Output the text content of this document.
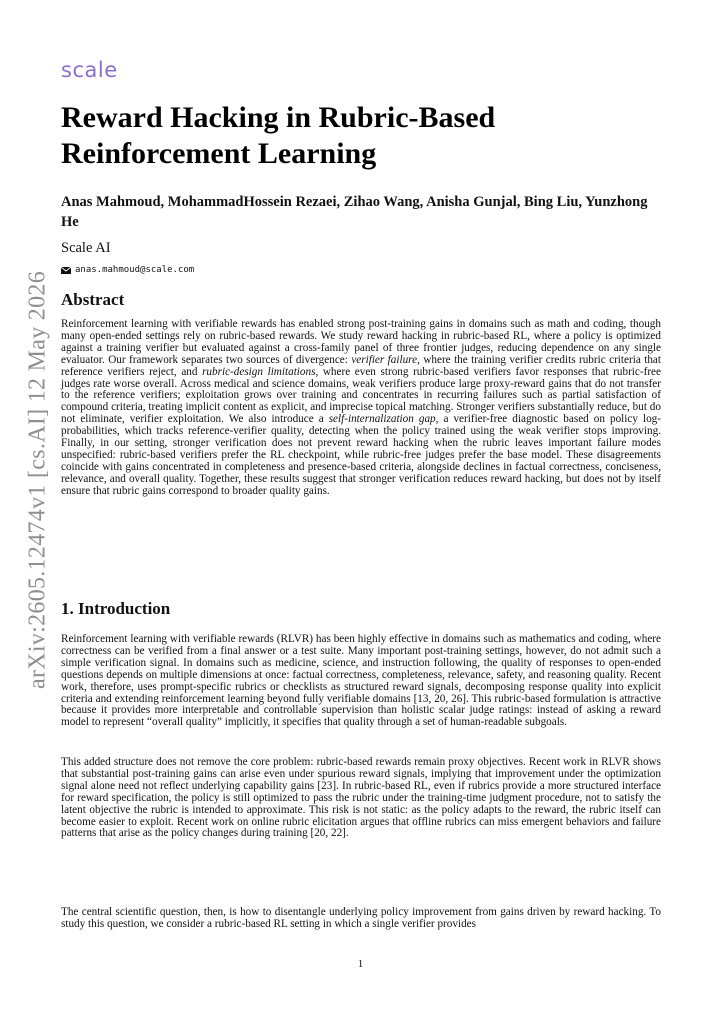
scale
arXiv:2605.12474v1 [cs.AI] 12 May 2026
Reward Hacking in Rubric-Based Reinforcement Learning
Anas Mahmoud, MohammadHossein Rezaei, Zihao Wang, Anisha Gunjal, Bing Liu, Yunzhong He
Scale AI
anas.mahmoud@scale.com
Abstract

Reinforcement learning with verifiable rewards has enabled strong post-training gains in domains such as math and coding, though many open-ended settings rely on rubric-based rewards. We study reward hacking in rubric-based RL, where a policy is optimized against a training verifier but evaluated against a cross-family panel of three frontier judges, reducing dependence on any single evaluator. Our framework separates two sources of divergence: verifier failure, where the training verifier credits rubric criteria that reference verifiers reject, and rubric-design limitations, where even strong rubric-based verifiers favor responses that rubric-free judges rate worse overall. Across medical and science domains, weak verifiers produce large proxy-reward gains that do not transfer to the reference verifiers; exploitation grows over training and concentrates in recurring failures such as partial satisfaction of compound criteria, treating implicit content as explicit, and imprecise topical matching. Stronger verifiers substantially reduce, but do not eliminate, verifier exploitation. We also introduce a self-internalization gap, a verifier-free diagnostic based on policy log-probabilities, which tracks reference-verifier quality, detecting when the policy trained using the weak verifier stops improving. Finally, in our setting, stronger verification does not prevent reward hacking when the rubric leaves important failure modes unspecified: rubric-based verifiers prefer the RL checkpoint, while rubric-free judges prefer the base model. These disagreements coincide with gains concentrated in completeness and presence-based criteria, alongside declines in factual correctness, conciseness, relevance, and overall quality. Together, these results suggest that stronger verification reduces reward hacking, but does not by itself ensure that rubric gains correspond to broader quality gains.

1. Introduction

Reinforcement learning with verifiable rewards (RLVR) has been highly effective in domains such as mathematics and coding, where correctness can be verified from a final answer or a test suite. Many important post-training settings, however, do not admit such a simple verification signal. In domains such as medicine, science, and instruction following, the quality of responses to open-ended questions depends on multiple dimensions at once: factual correctness, completeness, relevance, safety, and reasoning quality. Recent work, therefore, uses prompt-specific rubrics or checklists as structured reward signals, decomposing response quality into explicit criteria and extending reinforcement learning beyond fully verifiable domains [13, 20, 26]. This rubric-based formulation is attractive because it provides more interpretable and controllable supervision than holistic scalar judge ratings: instead of asking a reward model to represent “overall quality” implicitly, it specifies that quality through a set of human-readable subgoals.

This added structure does not remove the core problem: rubric-based rewards remain proxy objectives. Recent work in RLVR shows that substantial post-training gains can arise even under spurious reward signals, implying that improvement under the optimization signal alone need not reflect underlying capability gains [23]. In rubric-based RL, even if rubrics provide a more structured interface for reward specification, the policy is still optimized to pass the rubric under the training-time judgment procedure, not to satisfy the latent objective the rubric is intended to approximate. This risk is not static: as the policy adapts to the reward, the rubric itself can become easier to exploit. Recent work on online rubric elicitation argues that offline rubrics can miss emergent behaviors and failure patterns that arise as the policy changes during training [20, 22].

The central scientific question, then, is how to disentangle underlying policy improvement from gains driven by reward hacking. To study this question, we consider a rubric-based RL setting in which a single verifier provides

1
